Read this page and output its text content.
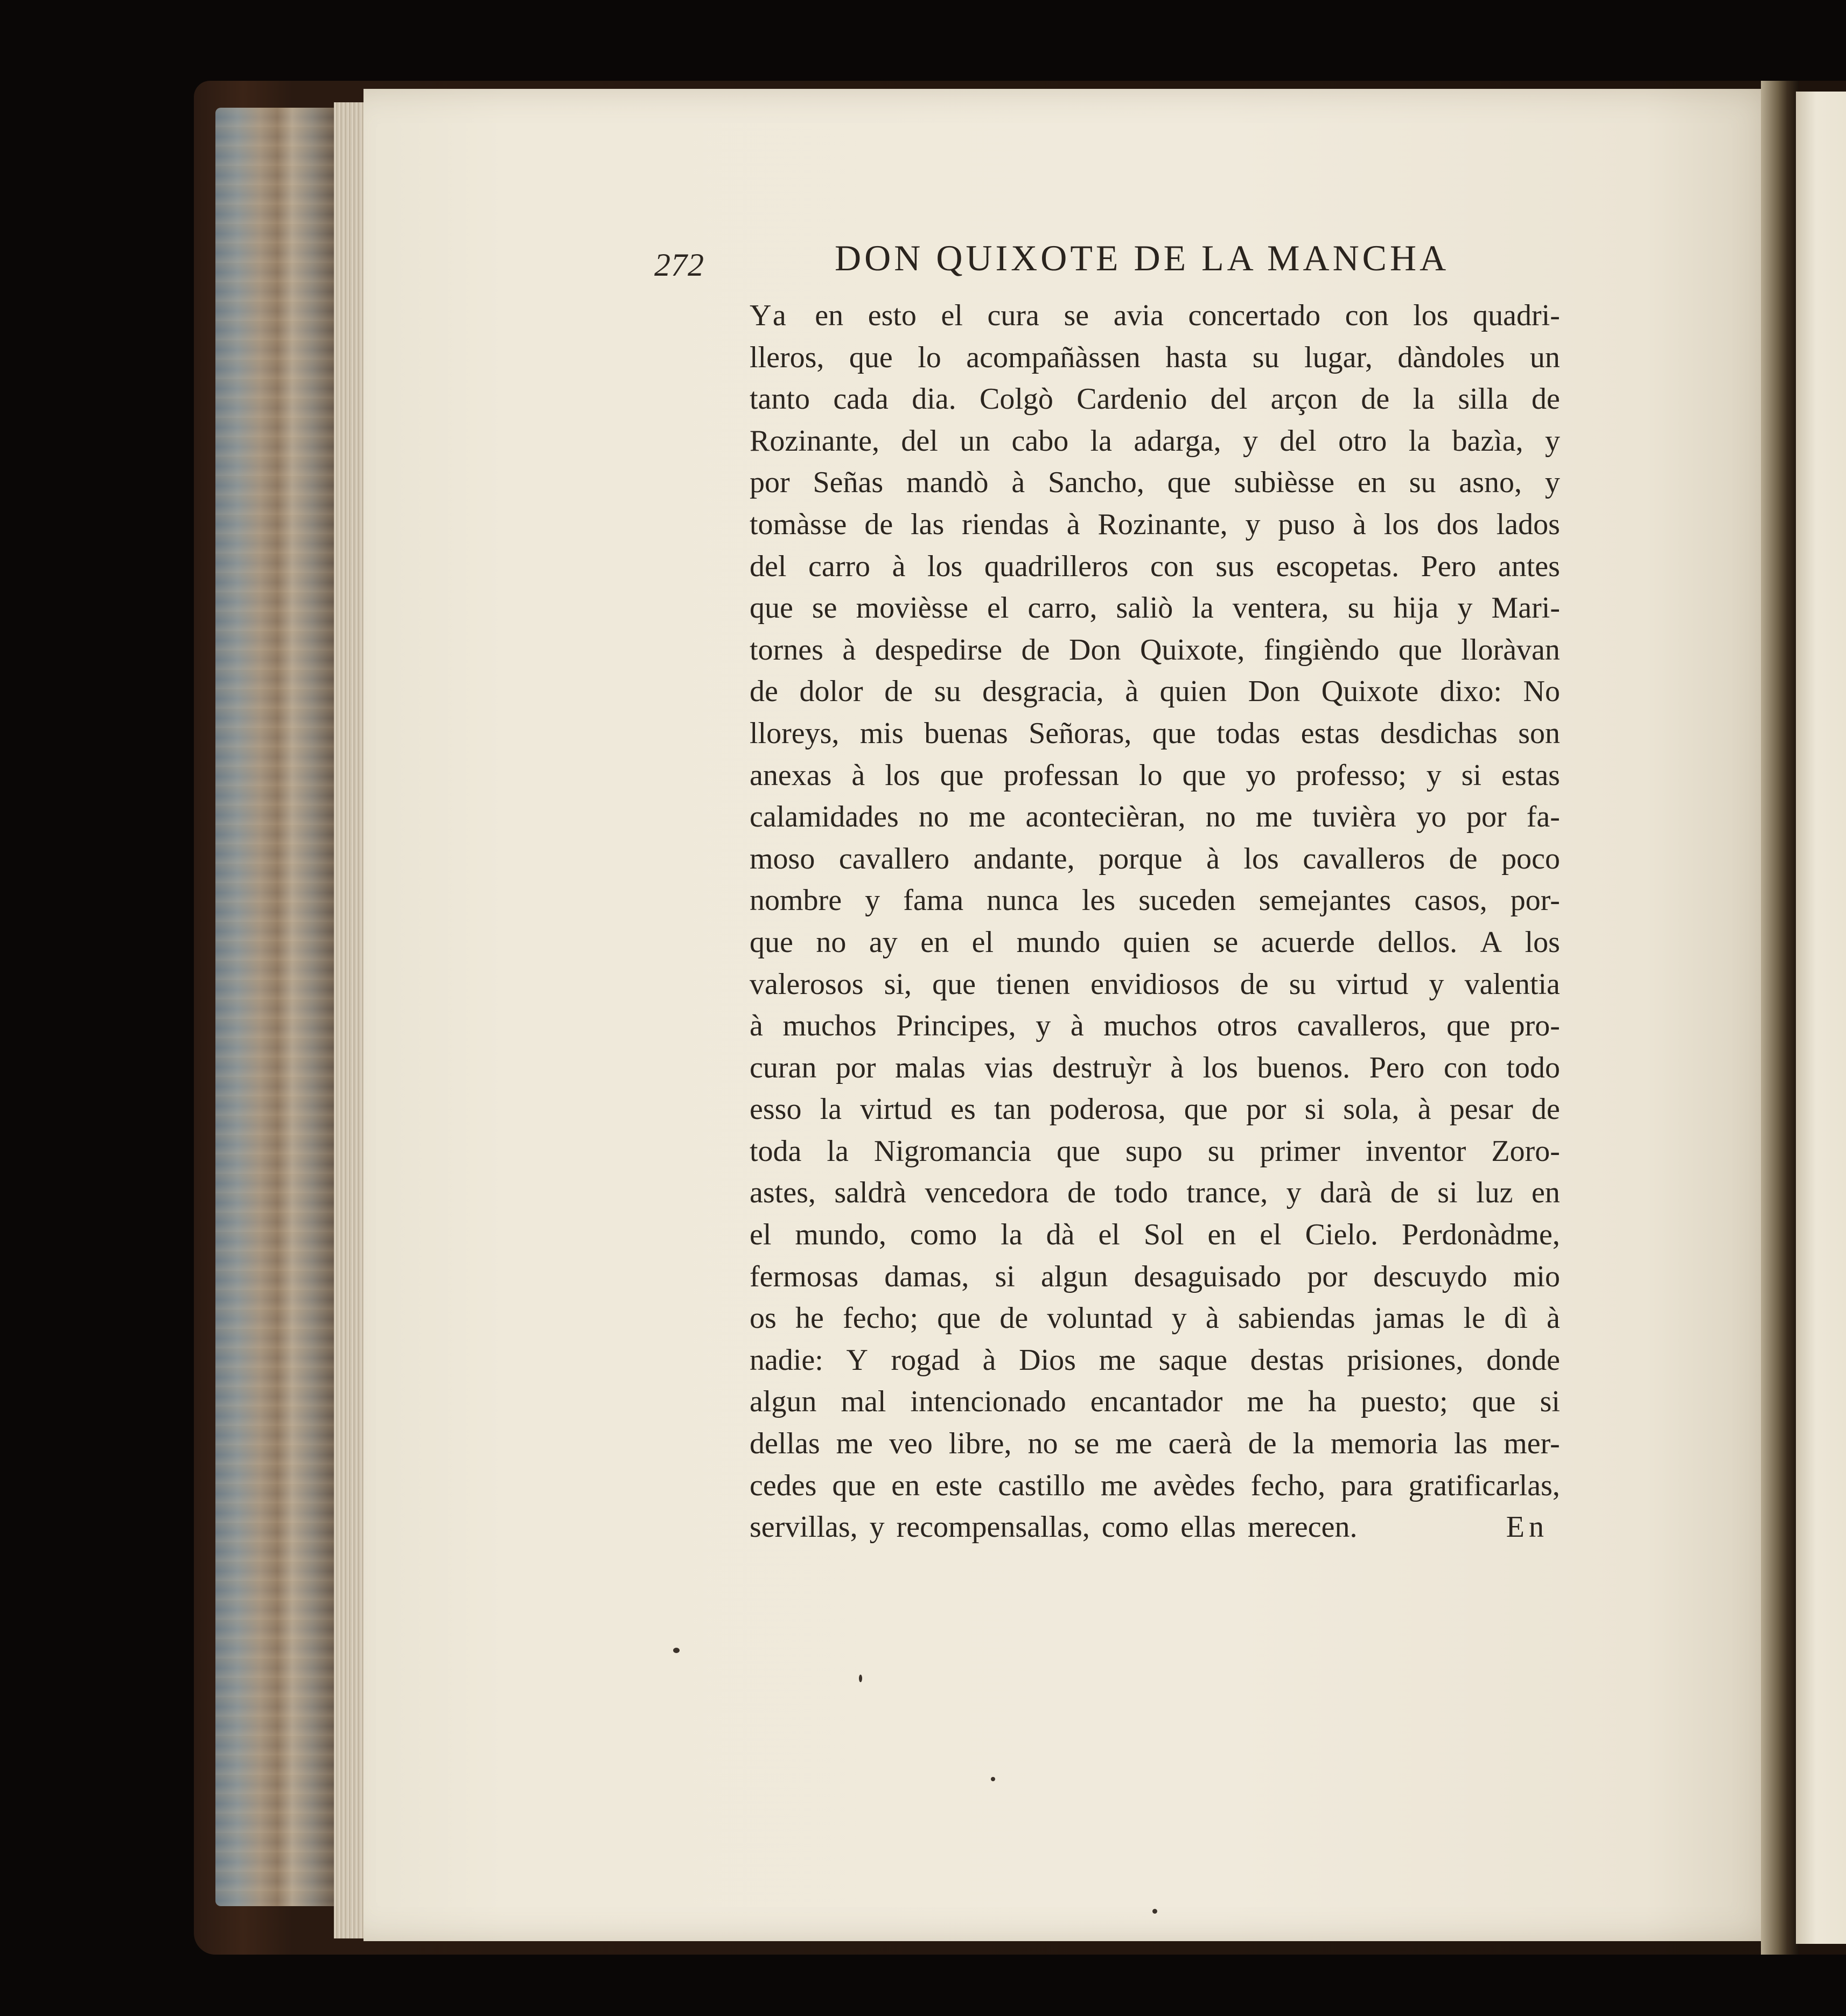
272	DON QUIXOTE DE LA MANCHA
Ya en esto el cura se avia concertado con los quadri-
lleros, que lo acompañàssen hasta su lugar, dàndoles un
tanto cada dia. Colgò Cardenio del arçon de la silla de
Rozinante, del un cabo la adarga, y del otro la bazìa, y
por Señas mandò à Sancho, que subièsse en su asno, y
tomàsse de las riendas à Rozinante, y puso à los dos lados
del carro à los quadrilleros con sus escopetas. Pero antes
que se movièsse el carro, saliò la ventera, su hija y Mari-
tornes à despedirse de Don Quixote, fingièndo que lloràvan
de dolor de su desgracia, à quien Don Quixote dixo: No
lloreys, mis buenas Señoras, que todas estas desdichas son
anexas à los que professan lo que yo professo; y si estas
calamidades no me acontecièran, no me tuvièra yo por fa-
moso cavallero andante, porque à los cavalleros de poco
nombre y fama nunca les suceden semejantes casos, por-
que no ay en el mundo quien se acuerde dellos. A los
valerosos si, que tienen envidiosos de su virtud y valentia
à muchos Principes, y à muchos otros cavalleros, que pro-
curan por malas vias destruỳr à los buenos. Pero con todo
esso la virtud es tan poderosa, que por si sola, à pesar de
toda la Nigromancia que supo su primer inventor Zoro-
astes, saldrà vencedora de todo trance, y darà de si luz en
el mundo, como la dà el Sol en el Cielo. Perdonàdme,
fermosas damas, si algun desaguisado por descuydo mio
os he fecho; que de voluntad y à sabiendas jamas le dì à
nadie: Y rogad à Dios me saque destas prisiones, donde
algun mal intencionado encantador me ha puesto; que si
dellas me veo libre, no se me caerà de la memoria las mer-
cedes que en este castillo me avèdes fecho, para gratificarlas,
servillas, y recompensallas, como ellas merecen.	En
